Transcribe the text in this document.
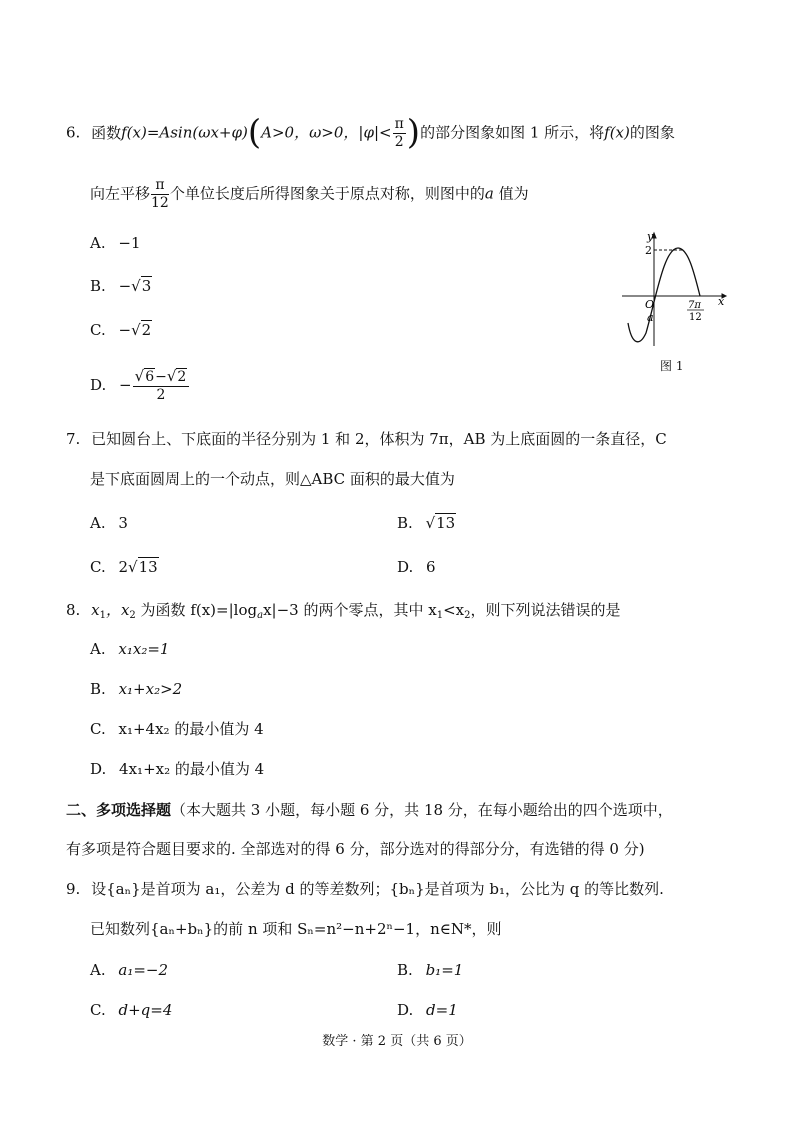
6. 函数f(x)=Asin(ωx+φ)(A>0，ω>0，$|\varphi|< \frac{\pi}{2}$ )的部分图象如图 1 所示，将f(x)的图象
向左平移 $\frac{\pi}{12}$ 个单位长度后所得图象关于原点对称，则图中的a 值为
A. −1
B. −√3
C. −√2
D. − $\frac{√6-√2}{2}$
y
x
2
O
a
7π
12
图 1
7. 已知圆台上、下底面的半径分别为 1 和 2，体积为 7π，AB 为上底面圆的一条直径，C
是下底面圆周上的一个动点，则△ABC 面积的最大值为
A. 3	B. √13
C. 2√13	D. 6
8. $x_1$，$x_2$ 为函数 $f(x)=|\log_ax|-3$ 的两个零点，其中 $x_1<x_2$，则下列说法错误的是
A. x₁x₂=1
B. x₁+x₂>2
C. x₁+4x₂ 的最小值为 4
D. 4x₁+x₂ 的最小值为 4
二、多项选择题（本大题共 3 小题，每小题 6 分，共 18 分，在每小题给出的四个选项中，
有多项是符合题目要求的. 全部选对的得 6 分，部分选对的得部分分，有选错的得 0 分)
9. 设{aₙ}是首项为 a₁，公差为 d 的等差数列；{bₙ}是首项为 b₁，公比为 q 的等比数列.
已知数列{aₙ+bₙ}的前 n 项和 Sₙ=n²−n+2ⁿ−1，n∈N*，则
A. a₁=−2	B. b₁=1
C. d+q=4	D. d=1
数学 · 第 2 页（共 6 页）
